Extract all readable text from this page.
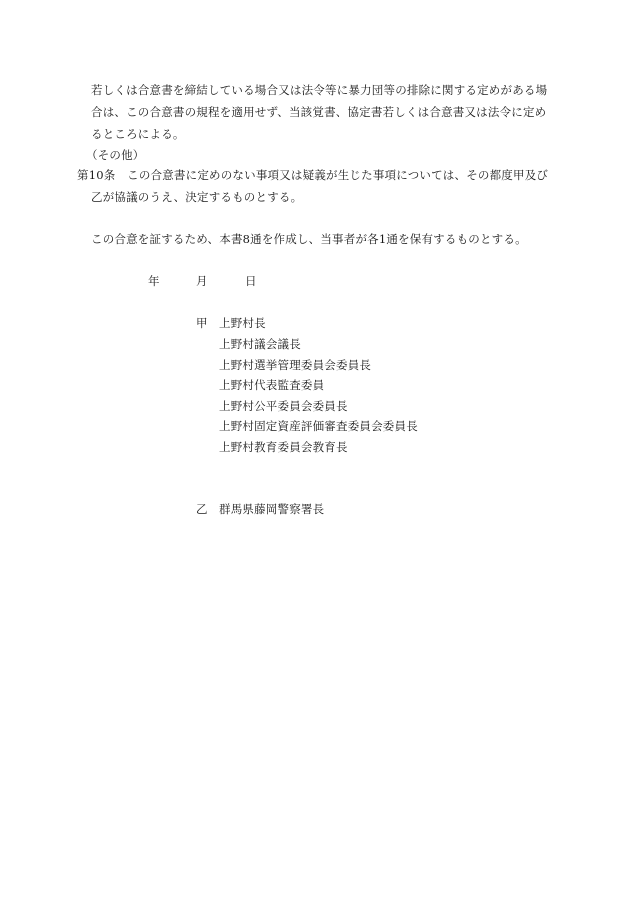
若しくは合意書を締結している場合又は法令等に暴力団等の排除に関する定めがある場
合は、この合意書の規程を適用せず、当該覚書、協定書若しくは合意書又は法令に定め
るところによる。
（その他）
第10条　この合意書に定めのない事項又は疑義が生じた事項については、その都度甲及び
乙が協議のうえ、決定するものとする。
この合意を証するため、本書8通を作成し、当事者が各1通を保有するものとする。
年	月	日
甲 上野村長
上野村議会議長
上野村選挙管理委員会委員長
上野村代表監査委員
上野村公平委員会委員長
上野村固定資産評価審査委員会委員長
上野村教育委員会教育長
乙 群馬県藤岡警察署長
